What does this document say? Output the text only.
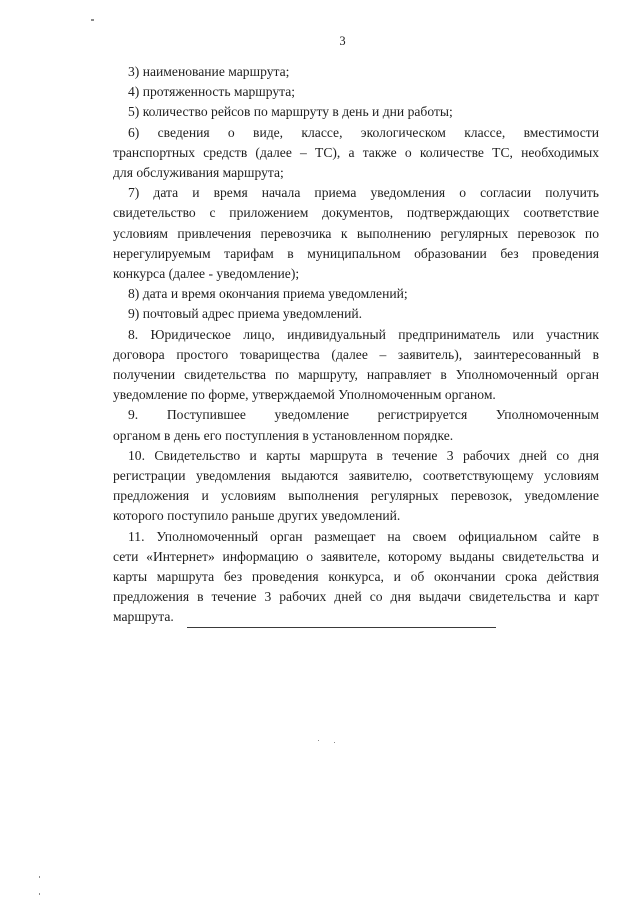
3

3) наименование маршрута;

4) протяженность маршрута;

5) количество рейсов по маршруту в день и дни работы;

6) сведения о виде, классе, экологическом классе, вместимости
транспортных средств (далее – ТС), а также о количестве ТС, необходимых
для обслуживания маршрута;
7) дата и время начала приема уведомления о согласии получить
свидетельство с приложением документов, подтверждающих соответствие
условиям привлечения перевозчика к выполнению регулярных перевозок по
нерегулируемым тарифам в муниципальном образовании без проведения
конкурса (далее - уведомление);

8) дата и время окончания приема уведомлений;

9) почтовый адрес приема уведомлений.

8. Юридическое лицо, индивидуальный предприниматель или участник
договора простого товарищества (далее – заявитель), заинтересованный в
получении свидетельства по маршруту, направляет в Уполномоченный орган
уведомление по форме, утверждаемой Уполномоченным органом.
9. Поступившее уведомление регистрируется Уполномоченным
органом в день его поступления в установленном порядке.
10. Свидетельство и карты маршрута в течение 3 рабочих дней со дня
регистрации уведомления выдаются заявителю, соответствующему условиям
предложения и условиям выполнения регулярных перевозок, уведомление
которого поступило раньше других уведомлений.
11. Уполномоченный орган размещает на своем официальном сайте в
сети «Интернет» информацию о заявителе, которому выданы свидетельства и
карты маршрута без проведения конкурса, и об окончании срока действия
предложения в течение 3 рабочих дней со дня выдачи свидетельства и карт
маршрута.
